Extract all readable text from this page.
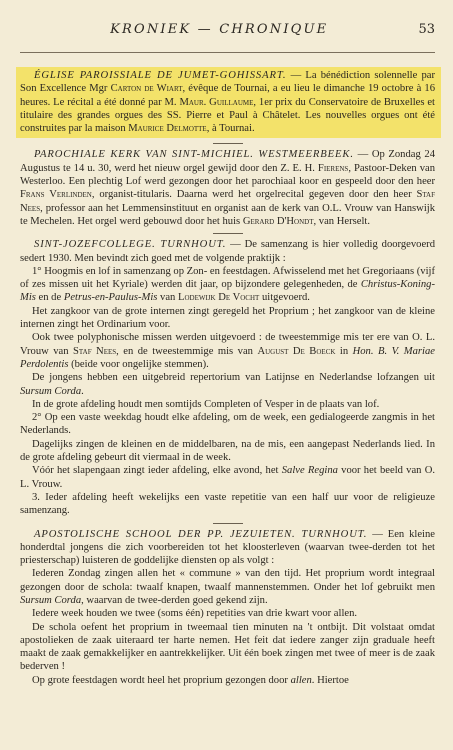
KRONIEK — CHRONIQUE	53

ÉGLISE PAROISSIALE DE JUMET-GOHISSART. — La bénédiction solennelle par Son Excellence Mgr Carton de Wiart, évêque de Tournai, a eu lieu le dimanche 19 octobre à 16 heures. Le récital a été donné par M. Maur. Guillaume, 1er prix du Conservatoire de Bruxelles et titulaire des grandes orgues des SS. Pierre et Paul à Châtelet. Les nouvelles orgues ont été construites par la maison Maurice Delmotte, à Tournai.

PAROCHIALE KERK VAN SINT-MICHIEL. WESTMEERBEEK. — Op Zondag 24 Augustus te 14 u. 30, werd het nieuw orgel gewijd door den Z. E. H. Fierens, Pastoor-Deken van Westerloo. Een plechtig Lof werd gezongen door het parochiaal koor en gespeeld door den heer Frans Verlinden, organist-titularis. Daarna werd het orgelrecital gegeven door den heer Staf Nees, professor aan het Lemmensinstituut en organist aan de kerk van O.L. Vrouw van Hanswijk te Mechelen. Het orgel werd gebouwd door het huis Gerard D'Hondt, van Herselt.

SINT-JOZEFCOLLEGE. TURNHOUT. — De samenzang is hier volledig doorgevoerd sedert 1930. Men bevindt zich goed met de volgende praktijk :

1° Hoogmis en lof in samenzang op Zon- en feestdagen. Afwisselend met het Gregoriaans (vijf of zes missen uit het Kyriale) werden dit jaar, op bijzondere gelegenheden, de Christus-Koning-Mis en de Petrus-en-Paulus-Mis van Lodewijk De Vocht uitgevoerd.

Het zangkoor van de grote internen zingt geregeld het Proprium ; het zangkoor van de kleine internen zingt het Ordinarium voor.

Ook twee polyphonische missen werden uitgevoerd : de tweestemmige mis ter ere van O. L. Vrouw van Staf Nees, en de tweestemmige mis van August De Boeck in Hon. B. V. Mariae Perdolentis (beide voor ongelijke stemmen).

De jongens hebben een uitgebreid repertorium van Latijnse en Nederlandse lofzangen uit Sursum Corda.

In de grote afdeling houdt men somtijds Completen of Vesper in de plaats van lof.

2° Op een vaste weekdag houdt elke afdeling, om de week, een gedialogeerde zangmis in het Nederlands.

Dagelijks zingen de kleinen en de middelbaren, na de mis, een aangepast Nederlands lied. In de grote afdeling gebeurt dit viermaal in de week.

Vóór het slapengaan zingt ieder afdeling, elke avond, het Salve Regina voor het beeld van O. L. Vrouw.

3. Ieder afdeling heeft wekelijks een vaste repetitie van een half uur voor de religieuze samenzang.

APOSTOLISCHE SCHOOL DER PP. JEZUIETEN. TURNHOUT. — Een kleine honderdtal jongens die zich voorbereiden tot het kloosterleven (waarvan twee-derden tot het priesterschap) luisteren de goddelijke diensten op als volgt :

Iederen Zondag zingen allen het « commune » van den tijd. Het proprium wordt integraal gezongen door de schola: twaalf knapen, twaalf mannenstemmen. Onder het lof gebruikt men Sursum Corda, waarvan de twee-derden goed gekend zijn.

Iedere week houden we twee (soms één) repetities van drie kwart voor allen.

De schola oefent het proprium in tweemaal tien minuten na 't ontbijt. Dit volstaat omdat apostolieken de zaak uiteraard ter harte nemen. Het feit dat iedere zanger zijn graduale heeft maakt de zaak gemakkelijker en aantrekkelijker. Uit één boek zingen met twee of meer is de zaak bederven !

Op grote feestdagen wordt heel het proprium gezongen door allen. Hiertoe
